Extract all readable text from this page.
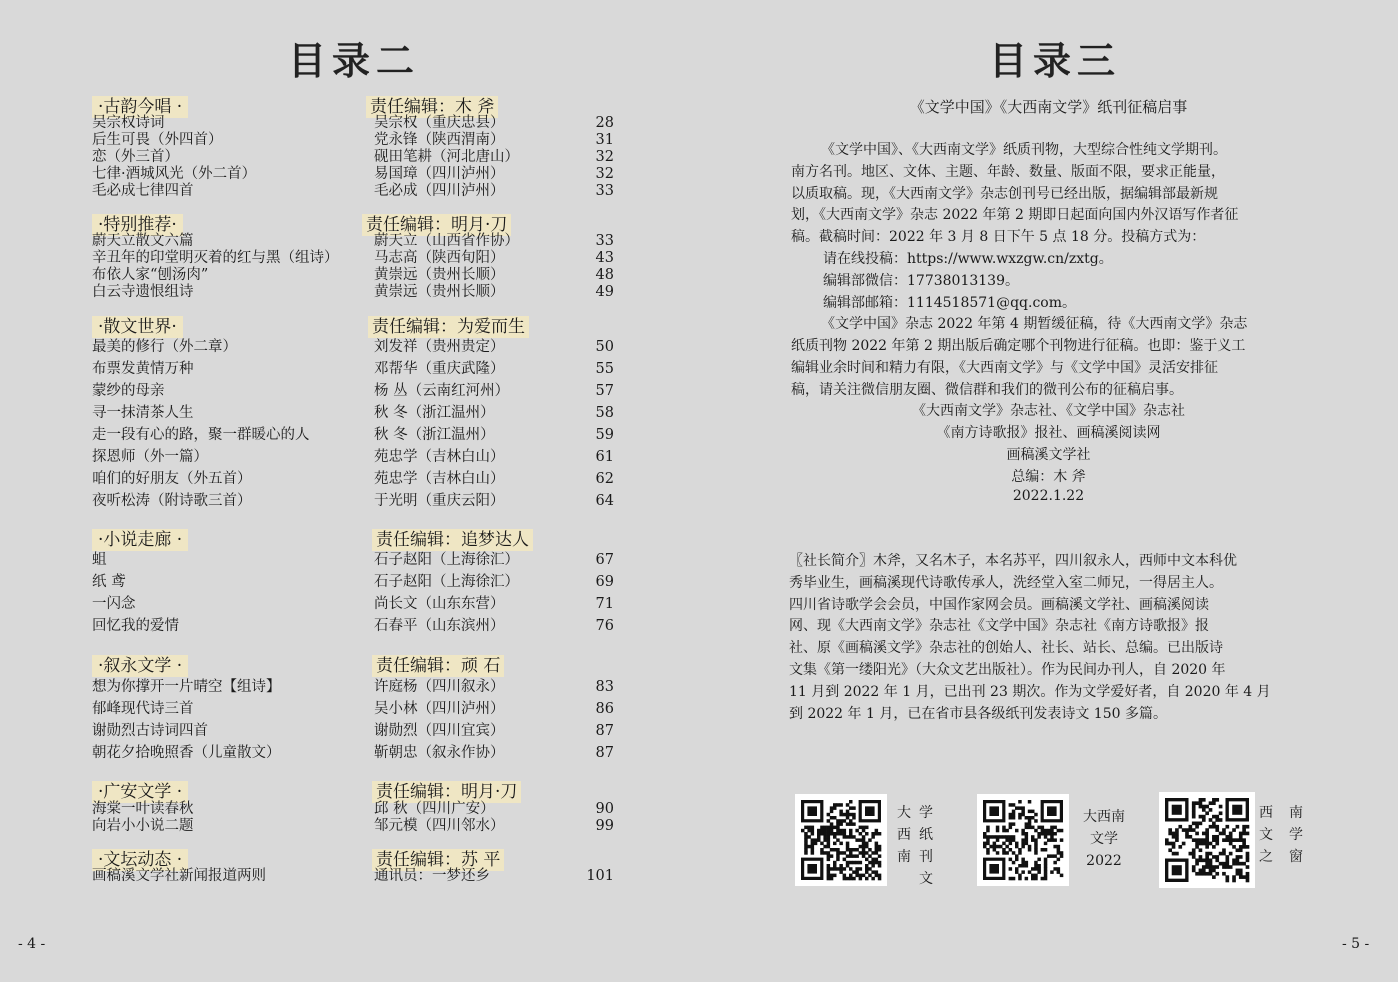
目录二
·古韵今唱 ·	责任编辑：木 斧
吴宗权诗词	吴宗权（重庆忠县）	28
后生可畏（外四首）	党永锋（陕西渭南）	31
恋（外三首）	砚田笔耕（河北唐山）	32
七律·酒城风光（外二首）	易国璋（四川泸州）	32
毛必成七律四首	毛必成（四川泸州）	33
·特别推荐·	责任编辑：明月·刀
蔚天立散文六篇	蔚天立（山西省作协）	33
辛丑年的印堂明灭着的红与黑（组诗） 马志高（陕西旬阳）	43
布依人家“刨汤肉”	黄崇远（贵州长顺）	48
白云寺遗恨组诗	黄崇远（贵州长顺）	49
·散文世界·	责任编辑：为爱而生
最美的修行（外二章）	刘发祥（贵州贵定）	50
布票发黄情万种	邓帮华（重庆武隆）	55
蒙纱的母亲	杨 丛（云南红河州）	57
寻一抹清茶人生	秋 冬（浙江温州）	58
走一段有心的路，聚一群暖心的人	秋 冬（浙江温州）	59
探恩师（外一篇）	苑忠学（吉林白山）	61
咱们的好朋友（外五首）	苑忠学（吉林白山）	62
夜听松涛（附诗歌三首）	于光明（重庆云阳）	64
·小说走廊 ·	责任编辑：追梦达人
蛆	石子赵阳（上海徐汇）	67
纸 鸢	石子赵阳（上海徐汇）	69
一闪念	尚长文（山东东营）	71
回忆我的爱情	石春平（山东滨州）	76
·叙永文学 ·	责任编辑：顽 石
想为你撑开一片晴空【组诗】	许庭杨（四川叙永）	83
郁峰现代诗三首	吴小林（四川泸州）	86
谢勋烈古诗词四首	谢勋烈（四川宜宾）	87
朝花夕拾晚照香（儿童散文）	靳朝忠（叙永作协）	87
·广安文学 ·	责任编辑：明月·刀
海棠一叶读春秋	邱 秋（四川广安）	90
向岩小小说二题	邹元模（四川邻水）	99
·文坛动态 ·	责任编辑：苏 平
画稿溪文学社新闻报道两则	通讯员：一梦还乡	101
- 4 -
目录三
《文学中国》《大西南文学》纸刊征稿启事
《文学中国》、《大西南文学》纸质刊物，大型综合性纯文学期刊。
南方名刊。地区、文体、主题、年龄、数量、版面不限，要求正能量，
以质取稿。现，《大西南文学》杂志创刊号已经出版，据编辑部最新规
划，《大西南文学》杂志 2022 年第 2 期即日起面向国内外汉语写作者征
稿。截稿时间：2022 年 3 月 8 日下午 5 点 18 分。投稿方式为：
请在线投稿：https://www.wxzgw.cn/zxtg。
编辑部微信：17738013139。
编辑部邮箱：1114518571@qq.com。
《文学中国》杂志 2022 年第 4 期暂缓征稿，待《大西南文学》杂志
纸质刊物 2022 年第 2 期出版后确定哪个刊物进行征稿。也即：鉴于义工
编辑业余时间和精力有限，《大西南文学》与《文学中国》灵活安排征
稿，请关注微信朋友圈、微信群和我们的微刊公布的征稿启事。
《大西南文学》杂志社、《文学中国》杂志社
《南方诗歌报》报社、画稿溪阅读网
画稿溪文学社
总编：木 斧
2022.1.22
〖社长简介〗木斧，又名木子，本名苏平，四川叙永人，西师中文本科优
秀毕业生，画稿溪现代诗歌传承人，洗经堂入室二师兄，一得居主人。
四川省诗歌学会会员，中国作家网会员。画稿溪文学社、画稿溪阅读
网、现《大西南文学》杂志社《文学中国》杂志社《南方诗歌报》报
社、原《画稿溪文学》杂志社的创始人、社长、站长、总编。已出版诗
文集《第一缕阳光》（大众文艺出版社）。作为民间办刊人，自 2020 年
11 月到 2022 年 1 月，已出刊 23 期次。作为文学爱好者，自 2020 年 4 月
到 2022 年 1 月，已在省市县各级纸刊发表诗文 150 多篇。
大
西
南
学
纸
刊
文
大西南
文学
2022
西
文
之
南
学
窗
- 5 -
